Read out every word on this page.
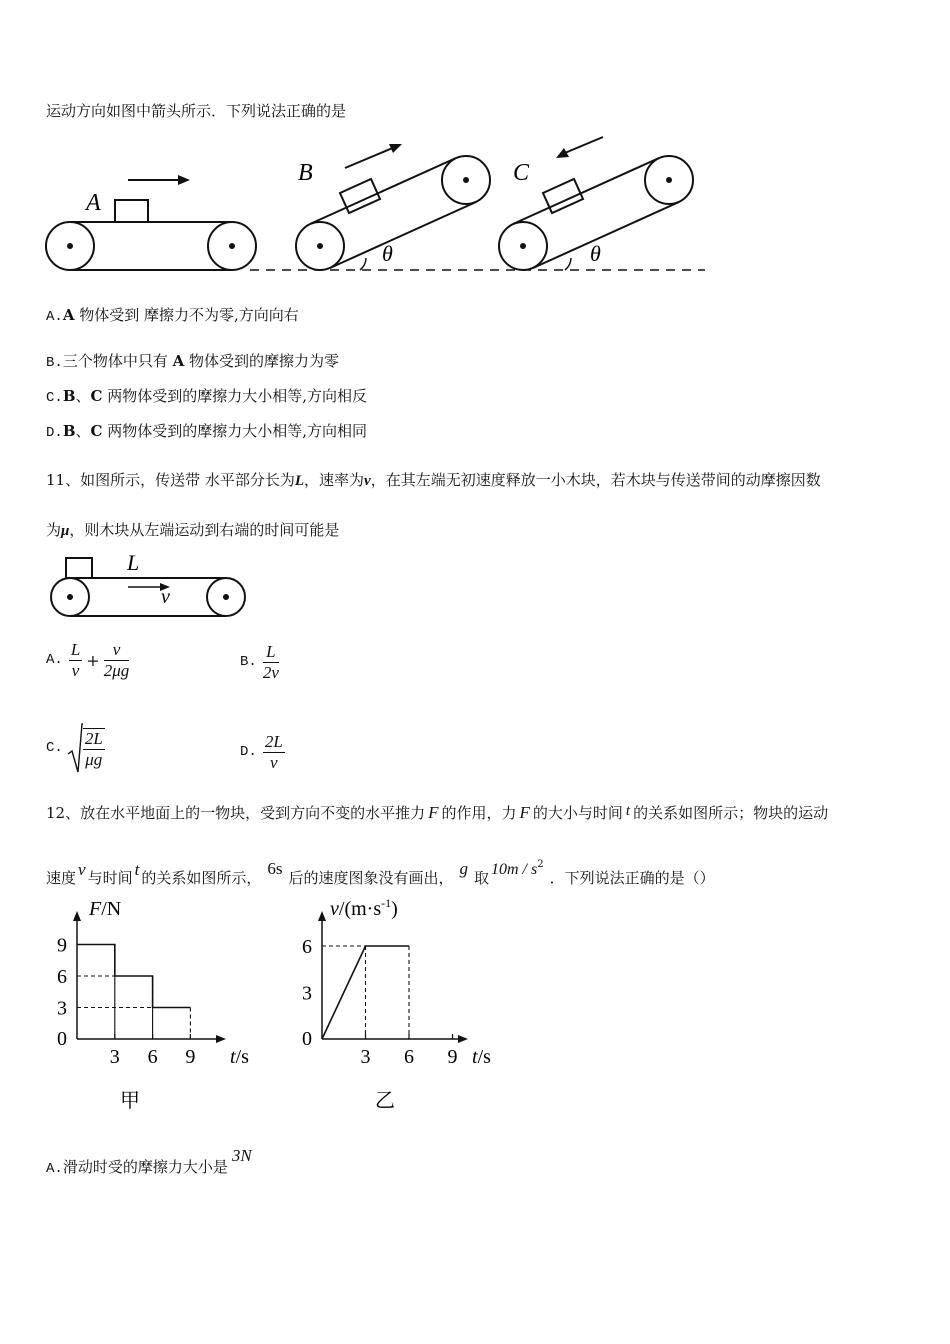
运动方向如图中箭头所示．下列说法正确的是
A
B
θ
C
θ
A.A 物体受到 摩擦力不为零,方向向右
B.三个物体中只有 A 物体受到的摩擦力为零
C.B、C 两物体受到的摩擦力大小相等,方向相反
D.B、C 两物体受到的摩擦力大小相等,方向相同
11、如图所示，传送带 水平部分长为L，速率为v，在其左端无初速度释放一小木块，若木块与传送带间的动摩擦因数
为μ，则木块从左端运动到右端的时间可能是
L
v
A. $\frac{L}{v} + \frac{v}{2\mu g}$	B. $\frac{L}{2v}$
C. $\frac{2L}{\mu g}$	D. $\frac{2L}{v}$
12、放在水平地面上的一物块，受到方向不变的水平推力 F 的作用，力 F 的大小与时间 t 的关系如图所示；物块的运动
速度 v 与时间 t 的关系如图所示， 6s 后的速度图象没有画出， g 取 $10m / s^2$．下列说法正确的是（）
0
3 6 9
9
6
3
t/s
F/N
甲
0
3 6 9
6
3
t/s
$v/(m\cdot s^{-1})$
乙
A.滑动时受的摩擦力大小是3N
